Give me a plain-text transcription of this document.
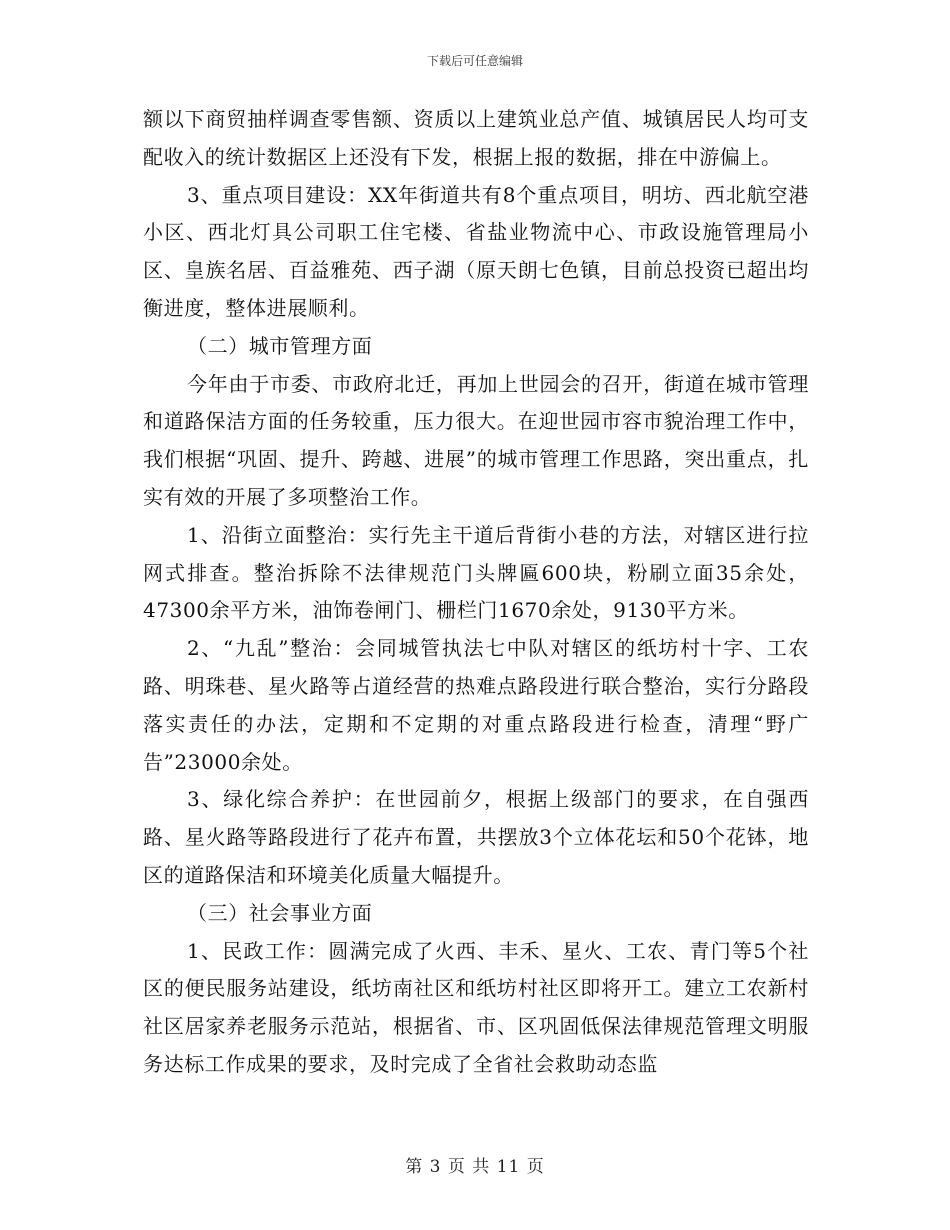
下载后可任意编辑

额以下商贸抽样调查零售额、资质以上建筑业总产值、城镇居民人均可支配收入的统计数据区上还没有下发，根据上报的数据，排在中游偏上。

3、重点项目建设：XX年街道共有8个重点项目，明坊、西北航空港小区、西北灯具公司职工住宅楼、省盐业物流中心、市政设施管理局小区、皇族名居、百益雅苑、西子湖（原天朗七色镇，目前总投资已超出均衡进度，整体进展顺利。

（二）城市管理方面

今年由于市委、市政府北迁，再加上世园会的召开，街道在城市管理和道路保洁方面的任务较重，压力很大。在迎世园市容市貌治理工作中，我们根据“巩固、提升、跨越、进展”的城市管理工作思路，突出重点，扎实有效的开展了多项整治工作。

1、沿街立面整治：实行先主干道后背街小巷的方法，对辖区进行拉网式排查。整治拆除不法律规范门头牌匾600块，粉刷立面35余处，47300余平方米，油饰卷闸门、栅栏门1670余处，9130平方米。

2、“九乱”整治：会同城管执法七中队对辖区的纸坊村十字、工农路、明珠巷、星火路等占道经营的热难点路段进行联合整治，实行分路段落实责任的办法，定期和不定期的对重点路段进行检查，清理“野广告”23000余处。

3、绿化综合养护：在世园前夕，根据上级部门的要求，在自强西路、星火路等路段进行了花卉布置，共摆放3个立体花坛和50个花钵，地区的道路保洁和环境美化质量大幅提升。

（三）社会事业方面

1、民政工作：圆满完成了火西、丰禾、星火、工农、青门等5个社区的便民服务站建设，纸坊南社区和纸坊村社区即将开工。建立工农新村社区居家养老服务示范站，根据省、市、区巩固低保法律规范管理文明服务达标工作成果的要求，及时完成了全省社会救助动态监

第 3 页 共 11 页
